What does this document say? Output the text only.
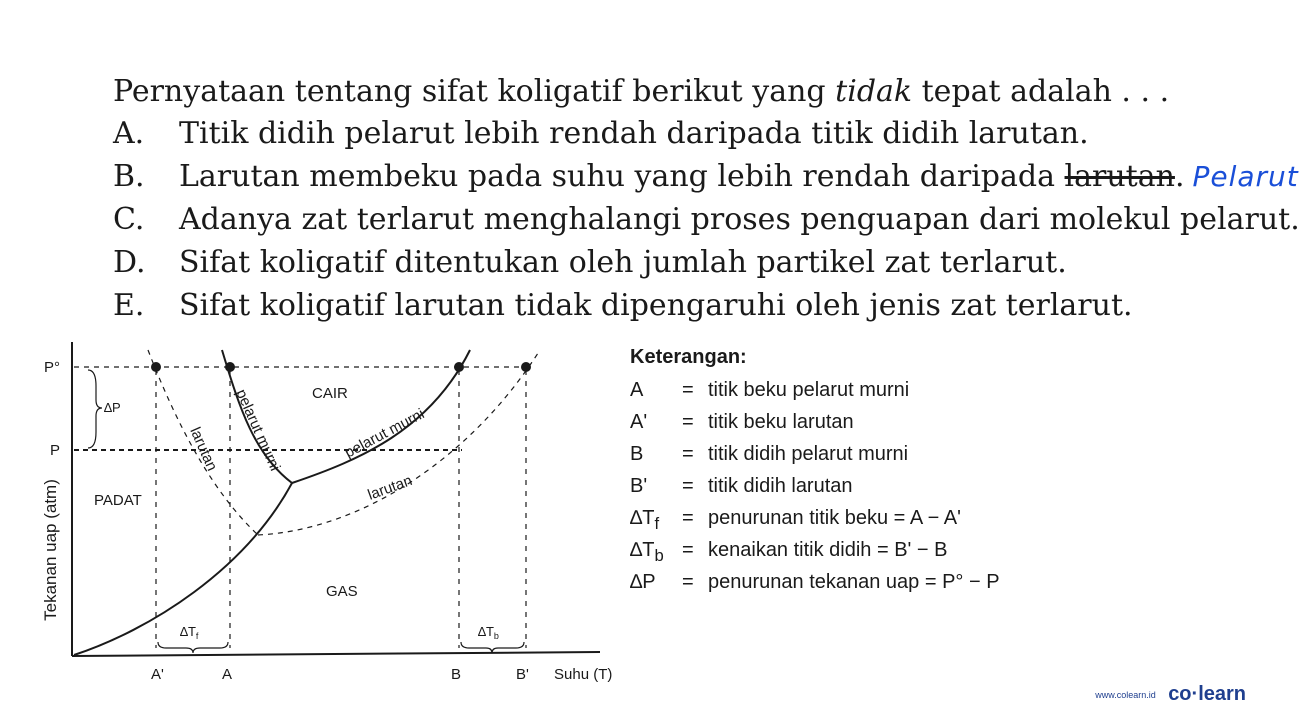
Pernyataan tentang sifat koligatif berikut yang tidak tepat adalah . . .
A. Titik didih pelarut lebih rendah daripada titik didih larutan.
B. Larutan membeku pada suhu yang lebih rendah daripada larutan. Pelarut
C. Adanya zat terlarut menghalangi proses penguapan dari molekul pelarut.
D. Sifat koligatif ditentukan oleh jumlah partikel zat terlarut.
E. Sifat koligatif larutan tidak dipengaruhi oleh jenis zat terlarut.
P°
P
∆P
Tekanan uap (atm) PADAT
CAIR
GAS
pelarut murni
larutan	pelarut murni
larutan
$\Delta T_f$	$\Delta T_b$
A'	A	B	B' Suhu (T)
Keterangan:
A = titik beku pelarut murni
A' = titik beku larutan
B = titik didih pelarut murni
B' = titik didih larutan
$\Delta T_f$ = penurunan titik beku = A − A'
$\Delta T_b$ = kenaikan titik didih = B' − B
∆P = penurunan tekanan uap = P° − P
www.colearn.id co·learn
